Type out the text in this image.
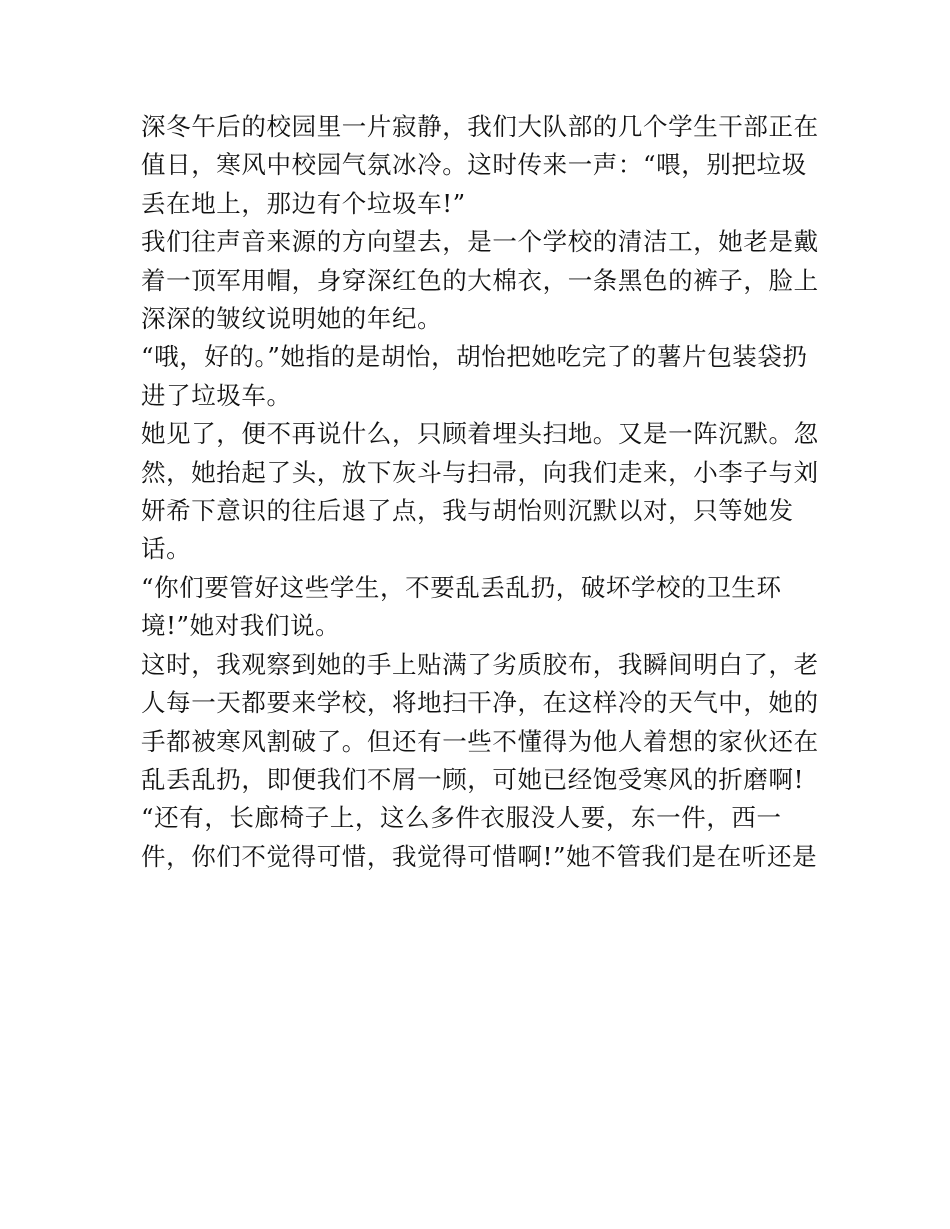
深冬午后的校园里一片寂静，我们大队部的几个学生干部正在
值日，寒风中校园气氛冰冷。这时传来一声：“喂，别把垃圾
丢在地上，那边有个垃圾车!”
我们往声音来源的方向望去，是一个学校的清洁工，她老是戴
着一顶军用帽，身穿深红色的大棉衣，一条黑色的裤子，脸上
深深的皱纹说明她的年纪。
“哦，好的。”她指的是胡怡，胡怡把她吃完了的薯片包装袋扔
进了垃圾车。
她见了，便不再说什么，只顾着埋头扫地。又是一阵沉默。忽
然，她抬起了头，放下灰斗与扫帚，向我们走来，小李子与刘
妍希下意识的往后退了点，我与胡怡则沉默以对，只等她发
话。
“你们要管好这些学生，不要乱丢乱扔，破坏学校的卫生环
境!”她对我们说。
这时，我观察到她的手上贴满了劣质胶布，我瞬间明白了，老
人每一天都要来学校，将地扫干净，在这样冷的天气中，她的
手都被寒风割破了。但还有一些不懂得为他人着想的家伙还在
乱丢乱扔，即便我们不屑一顾，可她已经饱受寒风的折磨啊!
“还有，长廊椅子上，这么多件衣服没人要，东一件，西一
件，你们不觉得可惜，我觉得可惜啊!”她不管我们是在听还是
